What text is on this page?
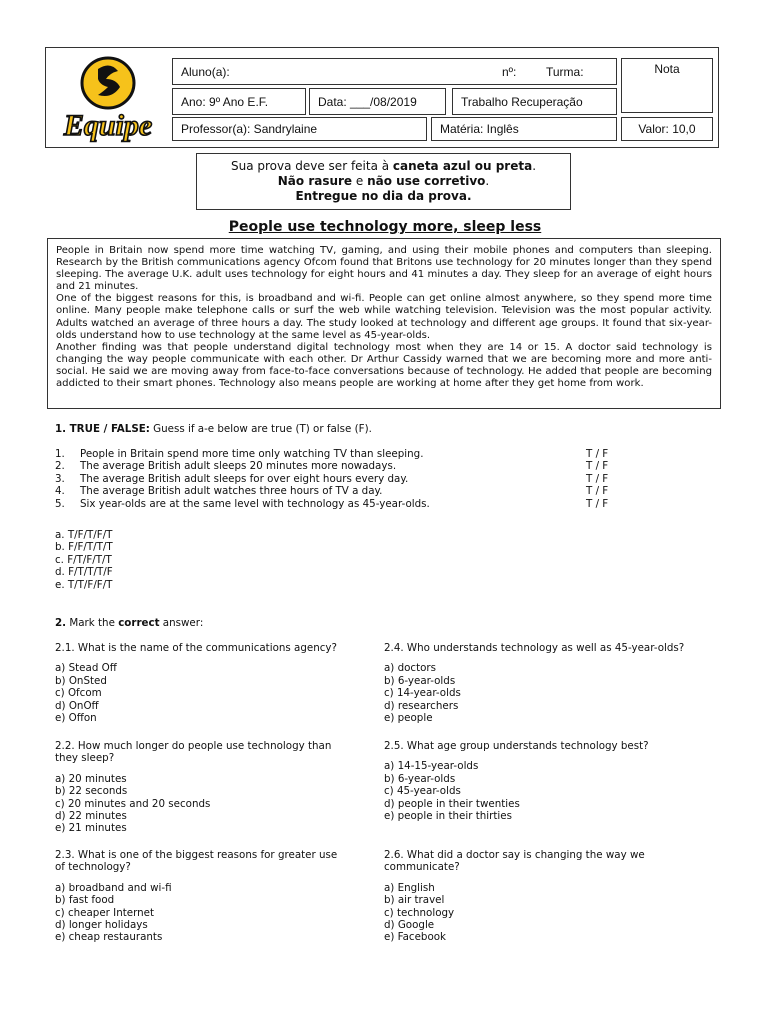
Equipe
Aluno(a):	nº: Turma:	Nota
Ano: 9º Ano E.F.	Data: ___/08/2019	Trabalho Recuperação
Professor(a): Sandrylaine	Matéria: Inglês	Valor: 10,0
Sua prova deve ser feita à caneta azul ou preta.
Não rasure e não use corretivo.
Entregue no dia da prova.
People use technology more, sleep less

People in Britain now spend more time watching TV, gaming, and using their mobile phones and computers than sleeping. Research by the British communications agency Ofcom found that Britons use technology for 20 minutes longer than they spend sleeping. The average U.K. adult uses technology for eight hours and 41 minutes a day. They sleep for an average of eight hours and 21 minutes.

One of the biggest reasons for this, is broadband and wi-fi. People can get online almost anywhere, so they spend more time online. Many people make telephone calls or surf the web while watching television. Television was the most popular activity. Adults watched an average of three hours a day. The study looked at technology and different age groups. It found that six-year-olds understand how to use technology at the same level as 45-year-olds.

Another finding was that people understand digital technology most when they are 14 or 15. A doctor said technology is changing the way people communicate with each other. Dr Arthur Cassidy warned that we are becoming more and more anti-social. He said we are moving away from face-to-face conversations because of technology. He added that people are becoming addicted to their smart phones. Technology also means people are working at home after they get home from work.

1. TRUE / FALSE: Guess if a-e below are true (T) or false (F).
1. People in Britain spend more time only watching TV than sleeping.	T / F
2. The average British adult sleeps 20 minutes more nowadays.	T / F
3. The average British adult sleeps for over eight hours every day.	T / F
4. The average British adult watches three hours of TV a day.	T / F
5. Six year-olds are at the same level with technology as 45-year-olds.	T / F
a. T/F/T/F/T
b. F/F/T/T/T
c. F/T/F/T/T
d. F/T/T/T/F
e. T/T/F/F/T
2. Mark the correct answer:
2.1. What is the name of the communications agency?
a) Stead Off
b) OnSted
c) Ofcom
d) OnOff
e) Offon
2.2. How much longer do people use technology than
they sleep?
a) 20 minutes
b) 22 seconds
c) 20 minutes and 20 seconds
d) 22 minutes
e) 21 minutes
2.3. What is one of the biggest reasons for greater use
of technology?
a) broadband and wi-fi
b) fast food
c) cheaper Internet
d) longer holidays
e) cheap restaurants
2.4. Who understands technology as well as 45-year-olds?
a) doctors
b) 6-year-olds
c) 14-year-olds
d) researchers
e) people
2.5. What age group understands technology best?
a) 14-15-year-olds
b) 6-year-olds
c) 45-year-olds
d) people in their twenties
e) people in their thirties
2.6. What did a doctor say is changing the way we
communicate?
a) English
b) air travel
c) technology
d) Google
e) Facebook
